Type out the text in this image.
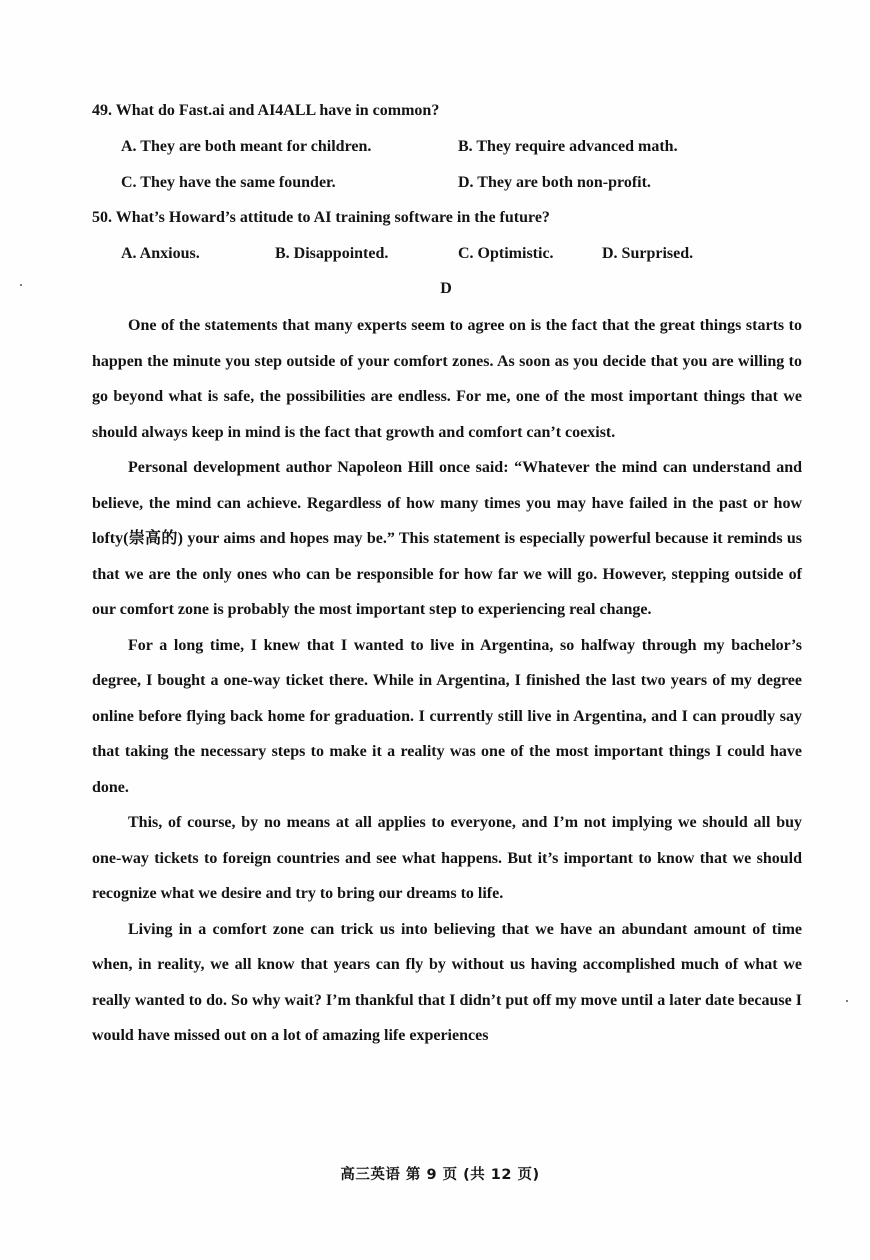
49. What do Fast.ai and AI4ALL have in common?
A. They are both meant for children.	B. They require advanced math.
C. They have the same founder.	D. They are both non-profit.
50. What’s Howard’s attitude to AI training software in the future?
A. Anxious.	B. Disappointed.	C. Optimistic.	D. Surprised.
D

One of the statements that many experts seem to agree on is the fact that the great things starts to happen the minute you step outside of your comfort zones. As soon as you decide that you are willing to go beyond what is safe, the possibilities are endless. For me, one of the most important things that we should always keep in mind is the fact that growth and comfort can’t coexist.

Personal development author Napoleon Hill once said: “Whatever the mind can understand and believe, the mind can achieve. Regardless of how many times you may have failed in the past or how lofty(崇高的) your aims and hopes may be.” This statement is especially powerful because it reminds us that we are the only ones who can be responsible for how far we will go. However, stepping outside of our comfort zone is probably the most important step to experiencing real change.

For a long time, I knew that I wanted to live in Argentina, so halfway through my bachelor’s degree, I bought a one-way ticket there. While in Argentina, I finished the last two years of my degree online before flying back home for graduation. I currently still live in Argentina, and I can proudly say that taking the necessary steps to make it a reality was one of the most important things I could have done.

This, of course, by no means at all applies to everyone, and I’m not implying we should all buy one-way tickets to foreign countries and see what happens. But it’s important to know that we should recognize what we desire and try to bring our dreams to life.

Living in a comfort zone can trick us into believing that we have an abundant amount of time when, in reality, we all know that years can fly by without us having accomplished much of what we really wanted to do. So why wait? I’m thankful that I didn’t put off my move until a later date because I would have missed out on a lot of amazing life experiences

高三英语 第 9 页 (共 12 页)
